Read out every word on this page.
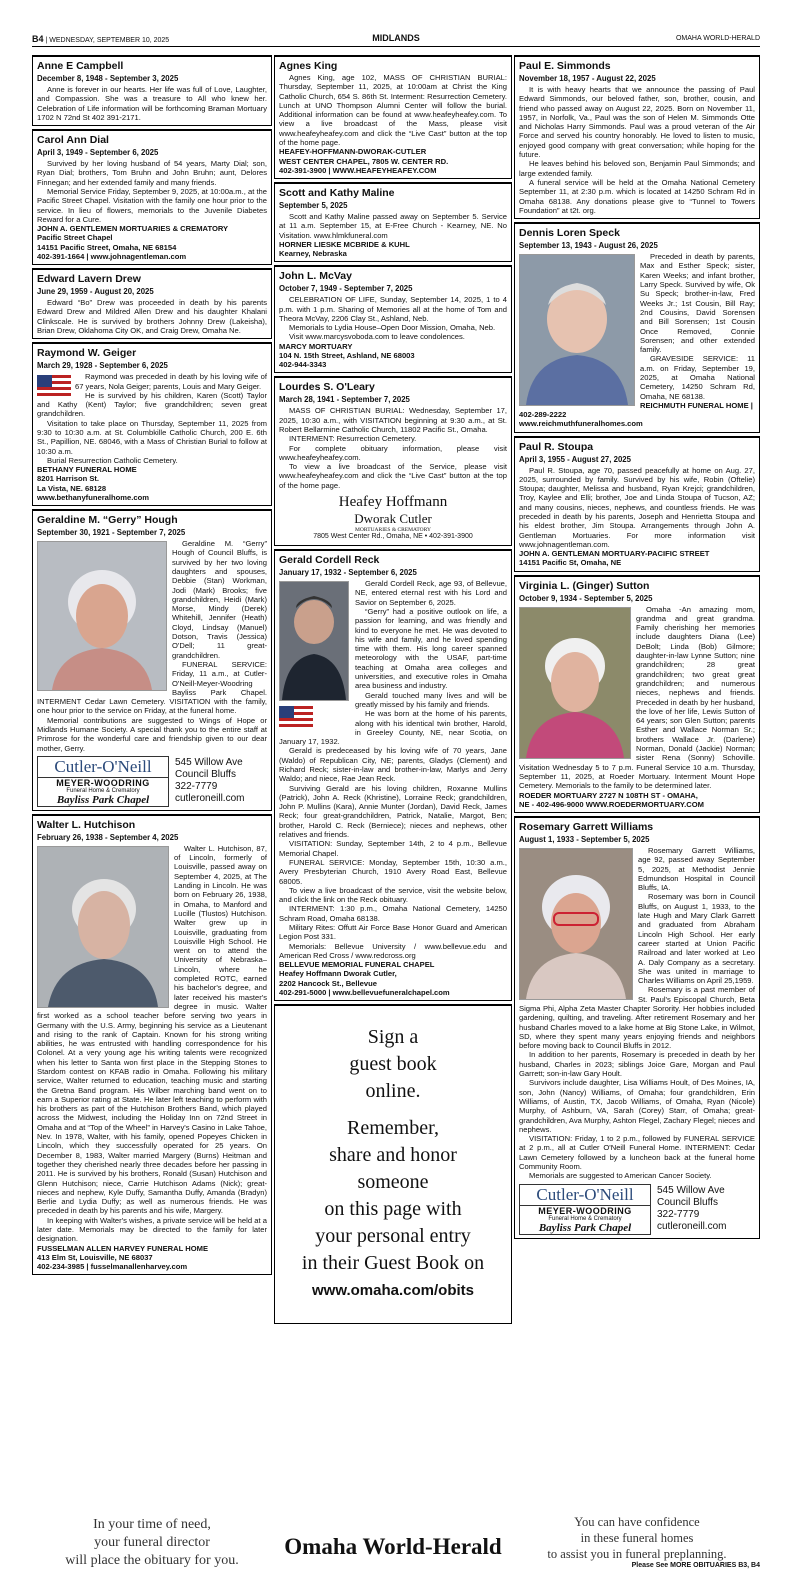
B4 | WEDNESDAY, SEPTEMBER 10, 2025	MIDLANDS	OMAHA WORLD-HERALD
Anne E Campbell
December 8, 1948 - September 3, 2025

Anne is forever in our hearts. Her life was full of Love, Laughter, and Compassion. She was a treasure to All who knew her. Celebration of Life information will be forthcoming Braman Mortuary 1702 N 72nd St 402 391-2171.

Carol Ann Dial
April 3, 1949 - September 6, 2025

Survived by her loving husband of 54 years, Marty Dial; son, Ryan Dial; brothers, Tom Bruhn and John Bruhn; aunt, Delores Finnegan; and her extended family and many friends.

Memorial Service Friday, September 9, 2025, at 10:00a.m., at the Pacific Street Chapel. Visitation with the family one hour prior to the service. In lieu of flowers, memorials to the Juvenile Diabetes Reward for a Cure.

JOHN A. GENTLEMEN MORTUARIES & CREMATORY
Pacific Street Chapel
14151 Pacific Street, Omaha, NE 68154
402-391-1664 | www.johnagentleman.com
Edward Lavern Drew
June 29, 1959 - August 20, 2025

Edward “Bo” Drew was proceeded in death by his parents Edward Drew and Mildred Allen Drew and his daughter Khalani Clinkscale. He is survived by brothers Johnny Drew (Lakeisha), Brian Drew, Oklahoma City OK, and Craig Drew, Omaha Ne.

Raymond W. Geiger
March 29, 1928 - September 6, 2025

Raymond was preceded in death by his loving wife of 67 years, Nola Geiger; parents, Louis and Mary Geiger.

He is survived by his children, Karen (Scott) Taylor and Kathy (Kent) Taylor; five grandchildren; seven great grandchildren.

Visitation to take place on Thursday, September 11, 2025 from 9:30 to 10:30 a.m. at St. Columbkille Catholic Church, 200 E. 6th St., Papillion, NE. 68046, with a Mass of Christian Burial to follow at 10:30 a.m.

Burial Resurrection Catholic Cemetery.

BETHANY FUNERAL HOME
8201 Harrison St.
La Vista, NE. 68128
www.bethanyfuneralhome.com
Geraldine M. “Gerry” Hough
September 30, 1921 - September 7, 2025

Geraldine M. “Gerry” Hough of Council Bluffs, is survived by her two loving daughters and spouses, Debbie (Stan) Workman, Jodi (Mark) Brooks; five grandchildren, Heidi (Mark) Morse, Mindy (Derek) Whitehill, Jennifer (Heath) Cloyd, Lindsay (Manuel) Dotson, Travis (Jessica) O'Dell; 11 great-grandchildren.

FUNERAL SERVICE: Friday, 11 a.m., at Cutler-O'Neill-Meyer-Woodring Bayliss Park Chapel. INTERMENT Cedar Lawn Cemetery. VISITATION with the family, one hour prior to the service on Friday, at the funeral home.

Memorial contributions are suggested to Wings of Hope or Midlands Humane Society. A special thank you to the entire staff at Primrose for the wonderful care and friendship given to our dear mother, Gerry.

Cutler-O'Neill
MEYER-WOODRING
Funeral Home & Crematory
Bayliss Park Chapel
545 Willow Ave
Council Bluffs
322-7779
cutleroneill.com
Walter L. Hutchison
February 26, 1938 - September 4, 2025

Walter L. Hutchison, 87, of Lincoln, formerly of Louisville, passed away on September 4, 2025, at The Landing in Lincoln. He was born on February 26, 1938, in Omaha, to Manford and Lucille (Tlustos) Hutchison. Walter grew up in Louisville, graduating from Louisville High School. He went on to attend the University of Nebraska–Lincoln, where he completed ROTC, earned his bachelor's degree, and later received his master's degree in music. Walter first worked as a school teacher before serving two years in Germany with the U.S. Army, beginning his service as a Lieutenant and rising to the rank of Captain. Known for his strong writing abilities, he was entrusted with handling correspondence for his Colonel. At a very young age his writing talents were recognized when his letter to Santa won first place in the Stepping Stones to Stardom contest on KFAB radio in Omaha. Following his military service, Walter returned to education, teaching music and starting the Gretna Band program. His Wilber marching band went on to earn a Superior rating at State. He later left teaching to perform with his brothers as part of the Hutchison Brothers Band, which played across the Midwest, including the Holiday Inn on 72nd Street in Omaha and at “Top of the Wheel” in Harvey's Casino in Lake Tahoe, Nev. In 1978, Walter, with his family, opened Popeyes Chicken in Lincoln, which they successfully operated for 25 years. On December 8, 1983, Walter married Margery (Burns) Heitman and together they cherished nearly three decades before her passing in 2011. He is survived by his brothers, Ronald (Susan) Hutchison and Glenn Hutchison; niece, Carrie Hutchison Adams (Nick); great-nieces and nephew, Kyle Duffy, Samantha Duffy, Amanda (Bradyn) Berlie and Lydia Duffy; as well as numerous friends. He was preceded in death by his parents and his wife, Margery.

In keeping with Walter's wishes, a private service will be held at a later date. Memorials may be directed to the family for later designation.

FUSSELMAN ALLEN HARVEY FUNERAL HOME
413 Elm St, Louisville, NE 68037
402-234-3985 | fusselmanallenharvey.com
Agnes King

Agnes King, age 102, MASS OF CHRISTIAN BURIAL: Thursday, September 11, 2025, at 10:00am at Christ the King Catholic Church, 654 S. 86th St. Interment: Resurrection Cemetery. Lunch at UNO Thompson Alumni Center will follow the burial. Additional information can be found at www.heafeyheafey.com. To view a live broadcast of the Mass, please visit www.heafeyheafey.com and click the “Live Cast” button at the top of the home page.

HEAFEY-HOFFMANN-DWORAK-CUTLER
WEST CENTER CHAPEL, 7805 W. CENTER RD.
402-391-3900 | WWW.HEAFEYHEAFEY.COM
Scott and Kathy Maline
September 5, 2025

Scott and Kathy Maline passed away on September 5. Service at 11 a.m. September 15, at E-Free Church - Kearney, NE. No Visitation. www.hlmkfuneral.com

HORNER LIESKE MCBRIDE & KUHL
Kearney, Nebraska
John L. McVay
October 7, 1949 - September 7, 2025

CELEBRATION OF LIFE, Sunday, September 14, 2025, 1 to 4 p.m. with 1 p.m. Sharing of Memories all at the home of Tom and Theora McVay, 2206 Clay St., Ashland, Neb.

Memorials to Lydia House–Open Door Mission, Omaha, Neb.

Visit www.marcysvoboda.com to leave condolences.

MARCY MORTUARY
104 N. 15th Street, Ashland, NE 68003
402-944-3343
Lourdes S. O'Leary
March 28, 1941 - September 7, 2025

MASS OF CHRISTIAN BURIAL: Wednesday, September 17, 2025, 10:30 a.m., with VISITATION beginning at 9:30 a.m., at St. Robert Bellarmine Catholic Church, 11802 Pacific St., Omaha.

INTERMENT: Resurrection Cemetery.

For complete obituary information, please visit www.heafeyheafey.com.

To view a live broadcast of the Service, please visit www.heafeyheafey.com and click the “Live Cast” button at the top of the home page.

Heafey Hoffmann
Dworak Cutler
MORTUARIES & CREMATORY
7805 West Center Rd., Omaha, NE • 402-391-3900
Gerald Cordell Reck
January 17, 1932 - September 6, 2025

Gerald Cordell Reck, age 93, of Bellevue, NE, entered eternal rest with his Lord and Savior on September 6, 2025.

“Gerry” had a positive outlook on life, a passion for learning, and was friendly and kind to everyone he met. He was devoted to his wife and family, and he loved spending time with them. His long career spanned meteorology with the USAF, part-time teaching at Omaha area colleges and universities, and executive roles in Omaha area business and industry.

Gerald touched many lives and will be greatly missed by his family and friends.

He was born at the home of his parents, along with his identical twin brother, Harold, in Greeley County, NE, near Scotia, on January 17, 1932.

Gerald is predeceased by his loving wife of 70 years, Jane (Waldo) of Republican City, NE; parents, Gladys (Clement) and Richard Reck; sister-in-law and brother-in-law, Marlys and Jerry Waldo; and niece, Rae Jean Reck.

Surviving Gerald are his loving children, Roxanne Mullins (Patrick), John A. Reck (Khristine), Lorraine Reck; grandchildren, John P. Mullins (Kara), Annie Munter (Jordan), David Reck, James Reck; four great-grandchildren, Patrick, Natalie, Margot, Ben; brother, Harold C. Reck (Berniece); nieces and nephews, other relatives and friends.

VISITATION: Sunday, September 14th, 2 to 4 p.m., Bellevue Memorial Chapel.

FUNERAL SERVICE: Monday, September 15th, 10:30 a.m., Avery Presbyterian Church, 1910 Avery Road East, Bellevue 68005.

To view a live broadcast of the service, visit the website below, and click the link on the Reck obituary.

INTERMENT: 1:30 p.m., Omaha National Cemetery, 14250 Schram Road, Omaha 68138.

Military Rites: Offutt Air Force Base Honor Guard and American Legion Post 331.

Memorials: Bellevue University / www.bellevue.edu and American Red Cross / www.redcross.org

BELLEVUE MEMORIAL FUNERAL CHAPEL
Heafey Hoffmann Dworak Cutler,
2202 Hancock St., Bellevue
402-291-5000 | www.bellevuefuneralchapel.com
Sign a
guest book
online.
Remember,
share and honor
someone
on this page with
your personal entry
in their Guest Book on
www.omaha.com/obits
Paul E. Simmonds
November 18, 1957 - August 22, 2025

It is with heavy hearts that we announce the passing of Paul Edward Simmonds, our beloved father, son, brother, cousin, and friend who passed away on August 22, 2025. Born on November 11, 1957, in Norfolk, Va., Paul was the son of Helen M. Simmonds Otte and Nicholas Harry Simmonds. Paul was a proud veteran of the Air Force and served his country honorably. He loved to listen to music, enjoyed good company with great conversation; while hoping for the future.

He leaves behind his beloved son, Benjamin Paul Simmonds; and large extended family.

A funeral service will be held at the Omaha National Cemetery September 11, at 2:30 p.m. which is located at 14250 Schram Rd in Omaha 68138. Any donations please give to “Tunnel to Towers Foundation” at t2t. org.

Dennis Loren Speck
September 13, 1943 - August 26, 2025

Preceded in death by parents, Max and Esther Speck; sister, Karen Weeks; and infant brother, Larry Speck. Survived by wife, Ok Su Speck; brother-in-law, Fred Weeks Jr.; 1st Cousin, Bill Ray; 2nd Cousins, David Sorensen and Bill Sorensen; 1st Cousin Once Removed, Connie Sorensen; and other extended family.

GRAVESIDE SERVICE: 11 a.m. on Friday, September 19, 2025, at Omaha National Cemetery, 14250 Schram Rd, Omaha, NE 68138.

REICHMUTH FUNERAL HOME | 402-289-2222
www.reichmuthfuneralhomes.com
Paul R. Stoupa
April 3, 1955 - August 27, 2025

Paul R. Stoupa, age 70, passed peacefully at home on Aug. 27, 2025, surrounded by family. Survived by his wife, Robin (Oftelie) Stoupa; daughter, Melissa and husband, Ryan Krejci; grandchildren, Troy, Kaylee and Elli; brother, Joe and Linda Stoupa of Tucson, AZ; and many cousins, nieces, nephews, and countless friends. He was preceded in death by his parents, Joseph and Henrietta Stoupa and his eldest brother, Jim Stoupa. Arrangements through John A. Gentleman Mortuaries. For more information visit www.johnagentleman.com.

JOHN A. GENTLEMAN MORTUARY-PACIFIC STREET
14151 Pacific St, Omaha, NE
Virginia L. (Ginger) Sutton
October 9, 1934 - September 5, 2025

Omaha -An amazing mom, grandma and great grandma. Family cherishing her memories include daughters Diana (Lee) DeBolt; Linda (Bob) Gilmore; daughter-in-law Lynne Sutton; nine grandchildren; 28 great grandchildren; two great great grandchildren; and numerous nieces, nephews and friends. Preceded in death by her husband, the love of her life, Lewis Sutton of 64 years; son Glen Sutton; parents Esther and Wallace Norman Sr.; brothers Wallace Jr. (Darlene) Norman, Donald (Jackie) Norman; sister Rena (Sonny) Schoville. Visitation Wednesday 5 to 7 p.m. Funeral Service 10 a.m. Thursday, September 11, 2025, at Roeder Mortuary. Interment Mount Hope Cemetery. Memorials to the family to be determined later.

ROEDER MORTUARY 2727 N 108TH ST - OMAHA,
NE - 402-496-9000 WWW.ROEDERMORTUARY.COM
Rosemary Garrett Williams
August 1, 1933 - September 5, 2025

Rosemary Garrett Williams, age 92, passed away September 5, 2025, at Methodist Jennie Edmundson Hospital in Council Bluffs, IA.

Rosemary was born in Council Bluffs, on August 1, 1933, to the late Hugh and Mary Clark Garrett and graduated from Abraham Lincoln High School. Her early career started at Union Pacific Railroad and later worked at Leo A. Daly Company as a secretary. She was united in marriage to Charles Williams on April 25,1959.

Rosemary is a past member of St. Paul's Episcopal Church, Beta Sigma Phi, Alpha Zeta Master Chapter Sorority. Her hobbies included gardening, quilting, and traveling. After retirement Rosemary and her husband Charles moved to a lake home at Big Stone Lake, in Wilmot, SD, where they spent many years enjoying friends and neighbors before moving back to Council Bluffs in 2012.

In addition to her parents, Rosemary is preceded in death by her husband, Charles in 2023; siblings Joice Gare, Morgan and Paul Garrett; son-in-law Gary Hoult.

Survivors include daughter, Lisa Williams Hoult, of Des Moines, IA, son, John (Nancy) Williams, of Omaha; four grandchildren, Erin Williams, of Austin, TX, Jacob Williams, of Omaha, Ryan (Nicole) Murphy, of Ashburn, VA, Sarah (Corey) Starr, of Omaha; great-grandchildren, Ava Murphy, Ashton Flegel, Zachary Flegel; nieces and nephews.

VISITATION: Friday, 1 to 2 p.m., followed by FUNERAL SERVICE at 2 p.m., all at Cutler O'Neill Funeral Home. INTERMENT: Cedar Lawn Cemetery followed by a luncheon back at the funeral home Community Room.

Memorials are suggested to American Cancer Society.

Cutler-O'Neill
MEYER-WOODRING
Funeral Home & Crematory
Bayliss Park Chapel
545 Willow Ave
Council Bluffs
322-7779
cutleroneill.com
In your time of need,
your funeral director
will place the obituary for you.
Omaha World-Herald
You can have confidence
in these funeral homes
to assist you in funeral preplanning.
Please See MORE OBITUARIES B3, B4
